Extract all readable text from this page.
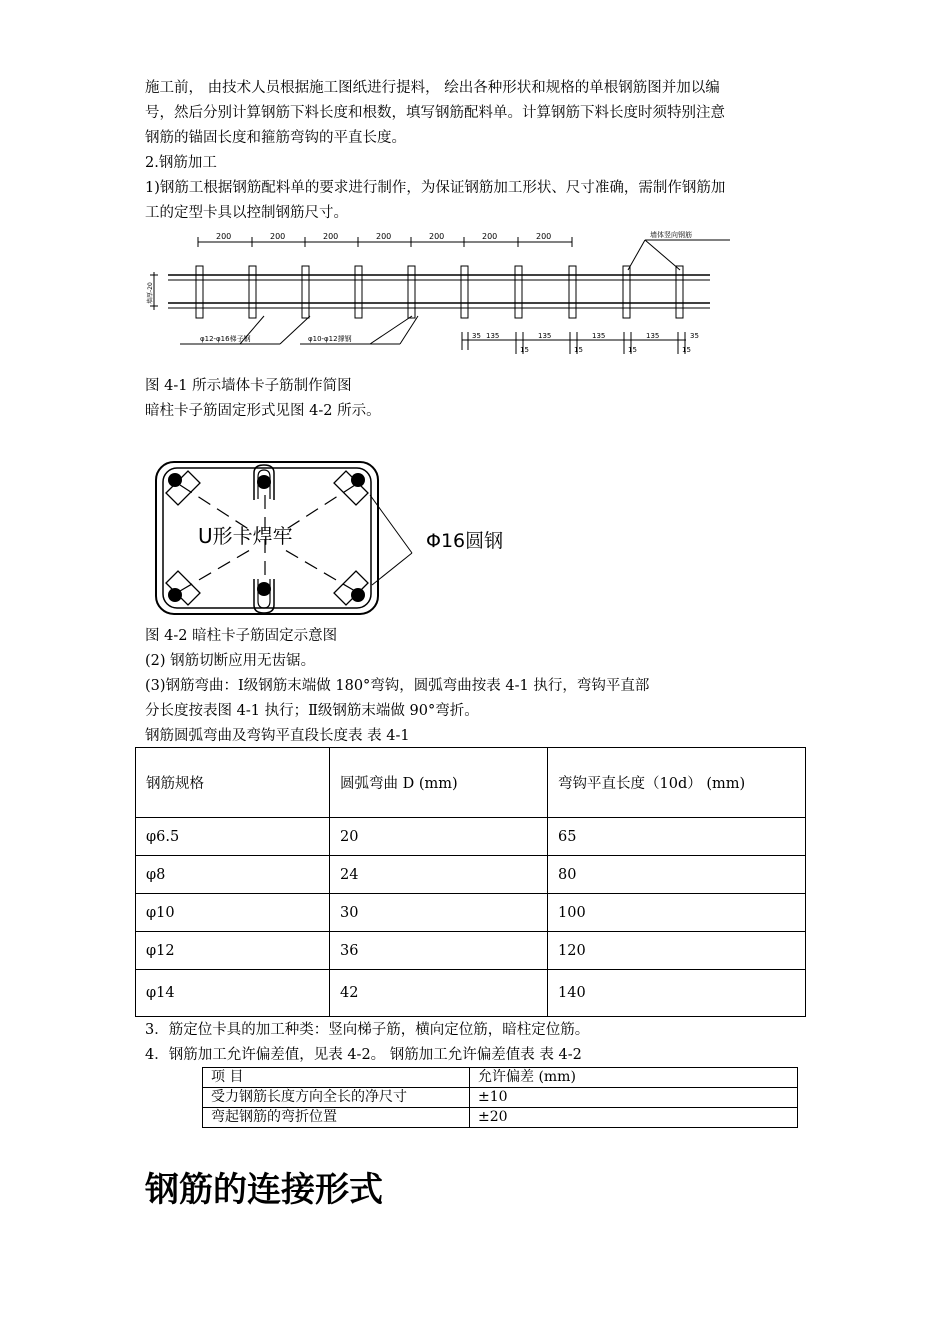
施工前， 由技术人员根据施工图纸进行提料， 绘出各种形状和规格的单根钢筋图并加以编
号，然后分别计算钢筋下料长度和根数，填写钢筋配料单。计算钢筋下料长度时须特别注意
钢筋的锚固长度和箍筋弯钩的平直长度。
2.钢筋加工
1)钢筋工根据钢筋配料单的要求进行制作，为保证钢筋加工形状、尺寸准确，需制作钢筋加
工的定型卡具以控制钢筋尺寸。
200	200	200	200	200	200	200	墙体竖向钢筋
φ12-φ16梯子钢	φ10-φ12撑钢
墙厚-20
35 135	135	135	135	35
15	15	15	15
图 4-1 所示墙体卡子筋制作简图
暗柱卡子筋固定形式见图 4-2 所示。
U形卡焊牢	Φ16圆钢
图 4-2 暗柱卡子筋固定示意图
(2) 钢筋切断应用无齿锯。
(3)钢筋弯曲：Ⅰ级钢筋末端做 180°弯钩，圆弧弯曲按表 4-1 执行，弯钩平直部
分长度按表图 4-1 执行；Ⅱ级钢筋末端做 90°弯折。
钢筋圆弧弯曲及弯钩平直段长度表 表 4-1
钢筋规格	圆弧弯曲 D (mm)	弯钩平直长度（10d） (mm)
φ6.5	20	65
φ8	24	80
φ10	30	100
φ12	36	120
φ14	42	140
3．筋定位卡具的加工种类：竖向梯子筋，横向定位筋，暗柱定位筋。
4．钢筋加工允许偏差值，见表 4-2。 钢筋加工允许偏差值表 表 4-2
项 目	允许偏差 (mm)
受力钢筋长度方向全长的净尺寸	±10
弯起钢筋的弯折位置	±20
钢筋的连接形式
